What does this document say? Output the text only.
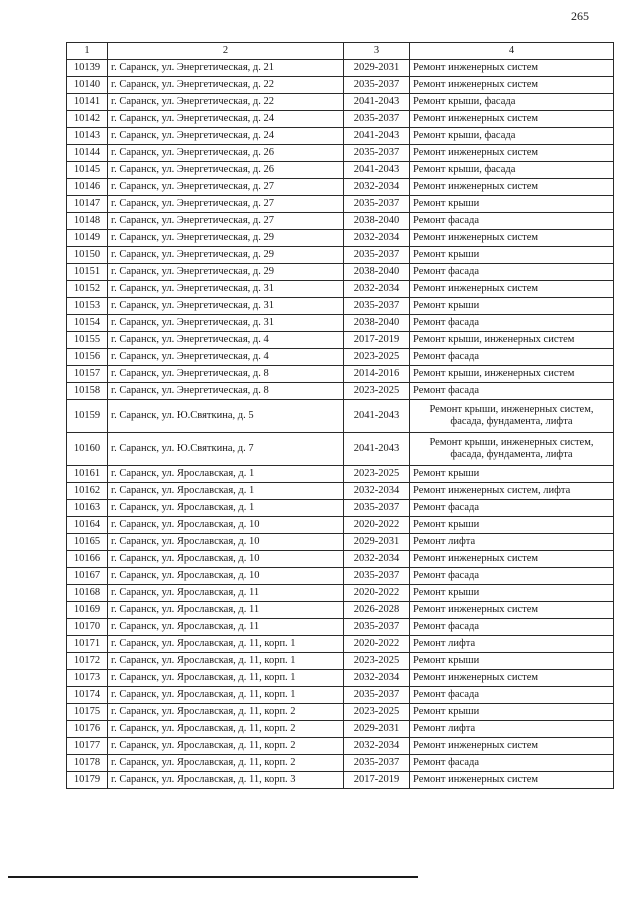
265
1	2	3	4
10139	г. Саранск, ул. Энергетическая, д. 21	2029-2031	Ремонт инженерных систем
10140	г. Саранск, ул. Энергетическая, д. 22	2035-2037	Ремонт инженерных систем
10141	г. Саранск, ул. Энергетическая, д. 22	2041-2043	Ремонт крыши, фасада
10142	г. Саранск, ул. Энергетическая, д. 24	2035-2037	Ремонт инженерных систем
10143	г. Саранск, ул. Энергетическая, д. 24	2041-2043	Ремонт крыши, фасада
10144	г. Саранск, ул. Энергетическая, д. 26	2035-2037	Ремонт инженерных систем
10145	г. Саранск, ул. Энергетическая, д. 26	2041-2043	Ремонт крыши, фасада
10146	г. Саранск, ул. Энергетическая, д. 27	2032-2034	Ремонт инженерных систем
10147	г. Саранск, ул. Энергетическая, д. 27	2035-2037	Ремонт крыши
10148	г. Саранск, ул. Энергетическая, д. 27	2038-2040	Ремонт фасада
10149	г. Саранск, ул. Энергетическая, д. 29	2032-2034	Ремонт инженерных систем
10150	г. Саранск, ул. Энергетическая, д. 29	2035-2037	Ремонт крыши
10151	г. Саранск, ул. Энергетическая, д. 29	2038-2040	Ремонт фасада
10152	г. Саранск, ул. Энергетическая, д. 31	2032-2034	Ремонт инженерных систем
10153	г. Саранск, ул. Энергетическая, д. 31	2035-2037	Ремонт крыши
10154	г. Саранск, ул. Энергетическая, д. 31	2038-2040	Ремонт фасада
10155	г. Саранск, ул. Энергетическая, д. 4	2017-2019	Ремонт крыши, инженерных систем
10156	г. Саранск, ул. Энергетическая, д. 4	2023-2025	Ремонт фасада
10157	г. Саранск, ул. Энергетическая, д. 8	2014-2016	Ремонт крыши, инженерных систем
10158	г. Саранск, ул. Энергетическая, д. 8	2023-2025	Ремонт фасада
10159	г. Саранск, ул. Ю.Святкина, д. 5	2041-2043	Ремонт крыши, инженерных систем, фасада, фундамента, лифта

10160	г. Саранск, ул. Ю.Святкина, д. 7	2041-2043	Ремонт крыши, инженерных систем, фасада, фундамента, лифта

10161	г. Саранск, ул. Ярославская, д. 1	2023-2025	Ремонт крыши
10162	г. Саранск, ул. Ярославская, д. 1	2032-2034	Ремонт инженерных систем, лифта
10163	г. Саранск, ул. Ярославская, д. 1	2035-2037	Ремонт фасада
10164	г. Саранск, ул. Ярославская, д. 10	2020-2022	Ремонт крыши
10165	г. Саранск, ул. Ярославская, д. 10	2029-2031	Ремонт лифта
10166	г. Саранск, ул. Ярославская, д. 10	2032-2034	Ремонт инженерных систем
10167	г. Саранск, ул. Ярославская, д. 10	2035-2037	Ремонт фасада
10168	г. Саранск, ул. Ярославская, д. 11	2020-2022	Ремонт крыши
10169	г. Саранск, ул. Ярославская, д. 11	2026-2028	Ремонт инженерных систем
10170	г. Саранск, ул. Ярославская, д. 11	2035-2037	Ремонт фасада
10171	г. Саранск, ул. Ярославская, д. 11, корп. 1	2020-2022	Ремонт лифта
10172	г. Саранск, ул. Ярославская, д. 11, корп. 1	2023-2025	Ремонт крыши
10173	г. Саранск, ул. Ярославская, д. 11, корп. 1	2032-2034	Ремонт инженерных систем
10174	г. Саранск, ул. Ярославская, д. 11, корп. 1	2035-2037	Ремонт фасада
10175	г. Саранск, ул. Ярославская, д. 11, корп. 2	2023-2025	Ремонт крыши
10176	г. Саранск, ул. Ярославская, д. 11, корп. 2	2029-2031	Ремонт лифта
10177	г. Саранск, ул. Ярославская, д. 11, корп. 2	2032-2034	Ремонт инженерных систем
10178	г. Саранск, ул. Ярославская, д. 11, корп. 2	2035-2037	Ремонт фасада
10179	г. Саранск, ул. Ярославская, д. 11, корп. 3	2017-2019	Ремонт инженерных систем
